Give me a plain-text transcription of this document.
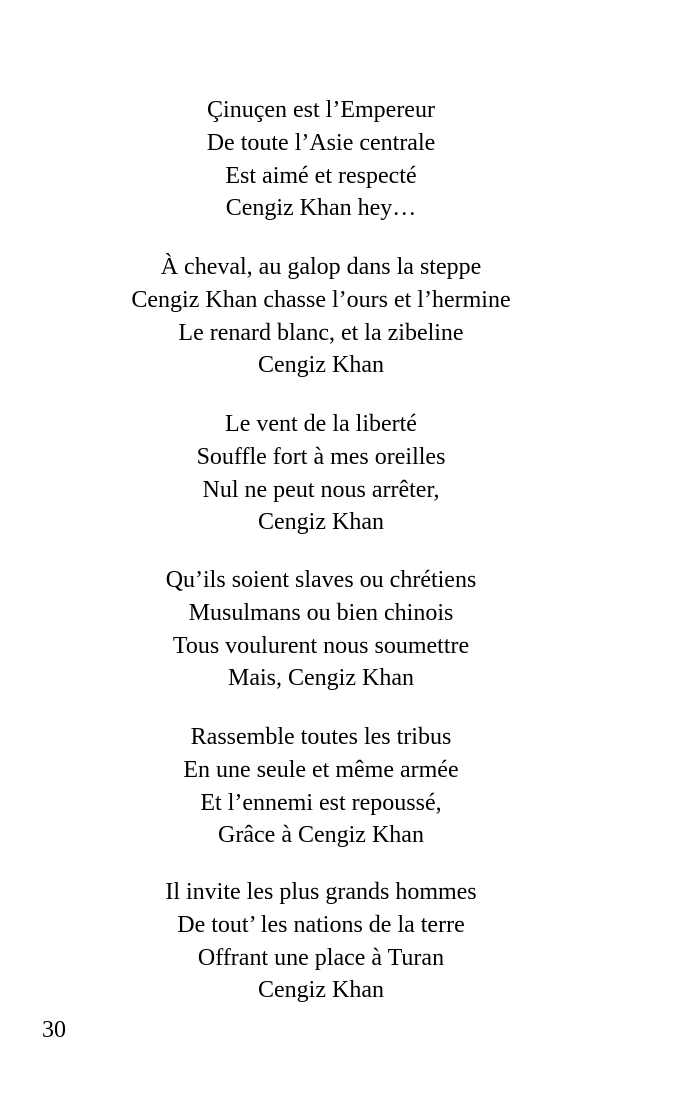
Çinuçen est l’Empereur
De toute l’Asie centrale
Est aimé et respecté
Cengiz Khan hey…
À cheval, au galop dans la steppe
Cengiz Khan chasse l’ours et l’hermine
Le renard blanc, et la zibeline
Cengiz Khan
Le vent de la liberté
Souffle fort à mes oreilles
Nul ne peut nous arrêter,
Cengiz Khan
Qu’ils soient slaves ou chrétiens
Musulmans ou bien chinois
Tous voulurent nous soumettre
Mais, Cengiz Khan
Rassemble toutes les tribus
En une seule et même armée
Et l’ennemi est repoussé,
Grâce à Cengiz Khan
Il invite les plus grands hommes
De tout’ les nations de la terre
Offrant une place à Turan
Cengiz Khan
30
